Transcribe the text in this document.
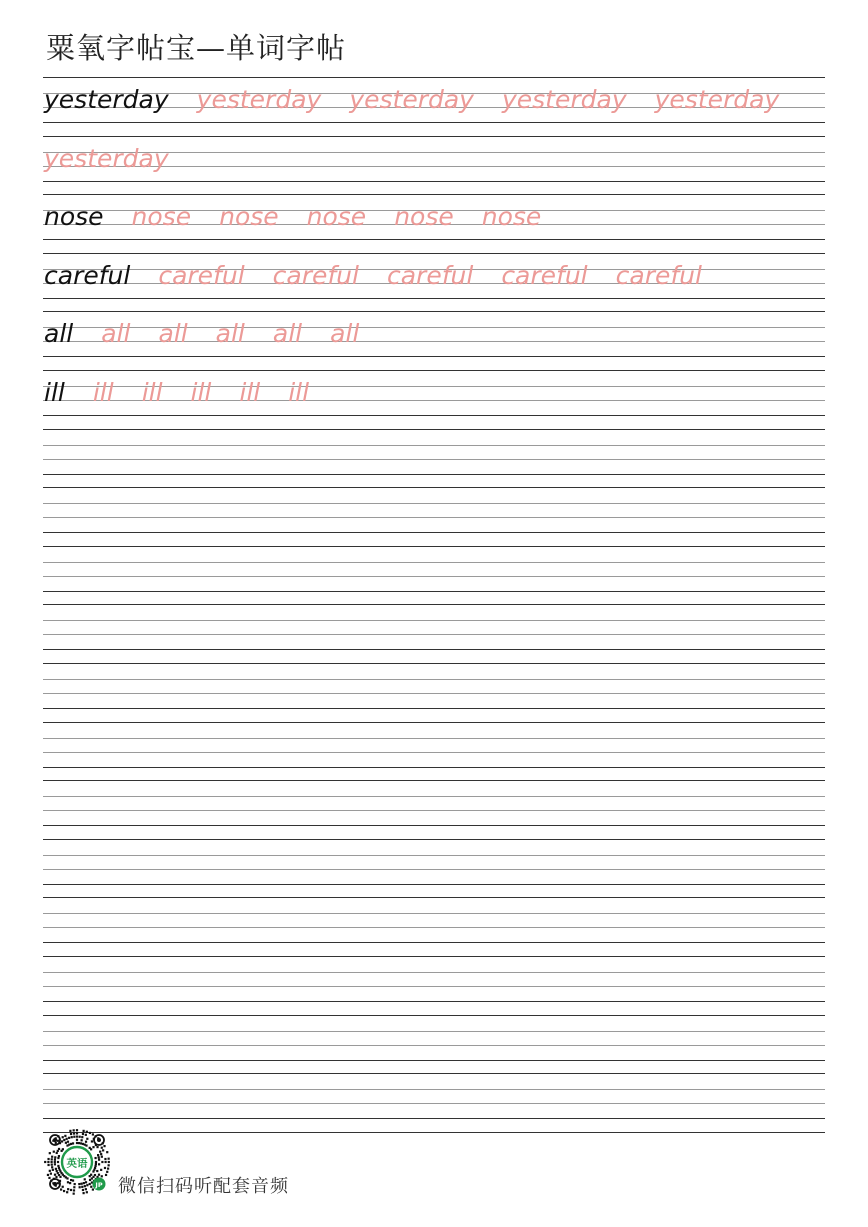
粟氧字帖宝—单词字帖
yesterday yesterday yesterday yesterday yesterday
yesterday
nose nose nose nose nose nose
careful careful careful careful careful careful
all all all all all all
ill ill ill ill ill ill
英语
JP 微信扫码听配套音频
